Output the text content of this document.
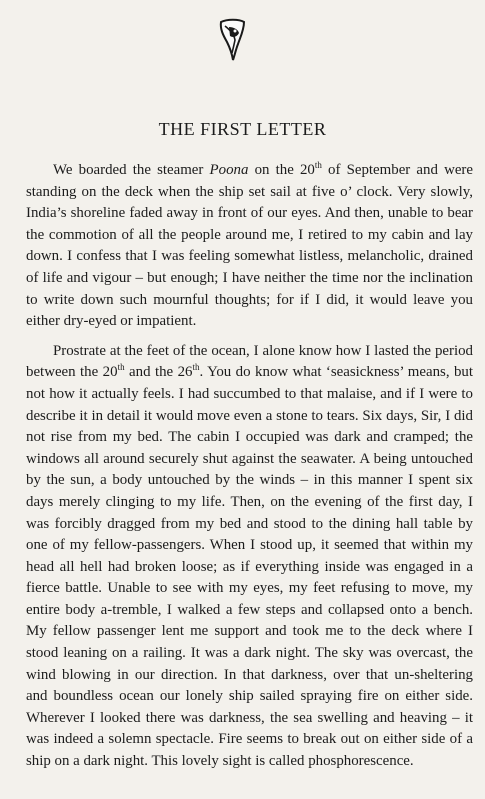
THE FIRST LETTER

We boarded the steamer Poona on the 20th of September and were standing on the deck when the ship set sail at five o’ clock. Very slowly, India’s shoreline faded away in front of our eyes. And then, unable to bear the commotion of all the people around me, I retired to my cabin and lay down. I confess that I was feeling somewhat listless, melancholic, drained of life and vigour – but enough; I have neither the time nor the inclination to write down such mournful thoughts; for if I did, it would leave you either dry-eyed or impatient.

Prostrate at the feet of the ocean, I alone know how I lasted the period between the 20th and the 26th. You do know what ‘seasickness’ means, but not how it actually feels. I had succumbed to that malaise, and if I were to describe it in detail it would move even a stone to tears. Six days, Sir, I did not rise from my bed. The cabin I occupied was dark and cramped; the windows all around securely shut against the seawater. A being untouched by the sun, a body untouched by the winds – in this manner I spent six days merely clinging to my life. Then, on the evening of the first day, I was forcibly dragged from my bed and stood to the dining hall table by one of my fellow-passengers. When I stood up, it seemed that within my head all hell had broken loose; as if everything inside was engaged in a fierce battle. Unable to see with my eyes, my feet refusing to move, my entire body a-tremble, I walked a few steps and collapsed onto a bench. My fellow passenger lent me support and took me to the deck where I stood leaning on a railing. It was a dark night. The sky was overcast, the wind blowing in our direction. In that darkness, over that un-sheltering and boundless ocean our lonely ship sailed spraying fire on either side. Wherever I looked there was darkness, the sea swelling and heaving – it was indeed a solemn spectacle. Fire seems to break out on either side of a ship on a dark night. This lovely sight is called phosphorescence.
